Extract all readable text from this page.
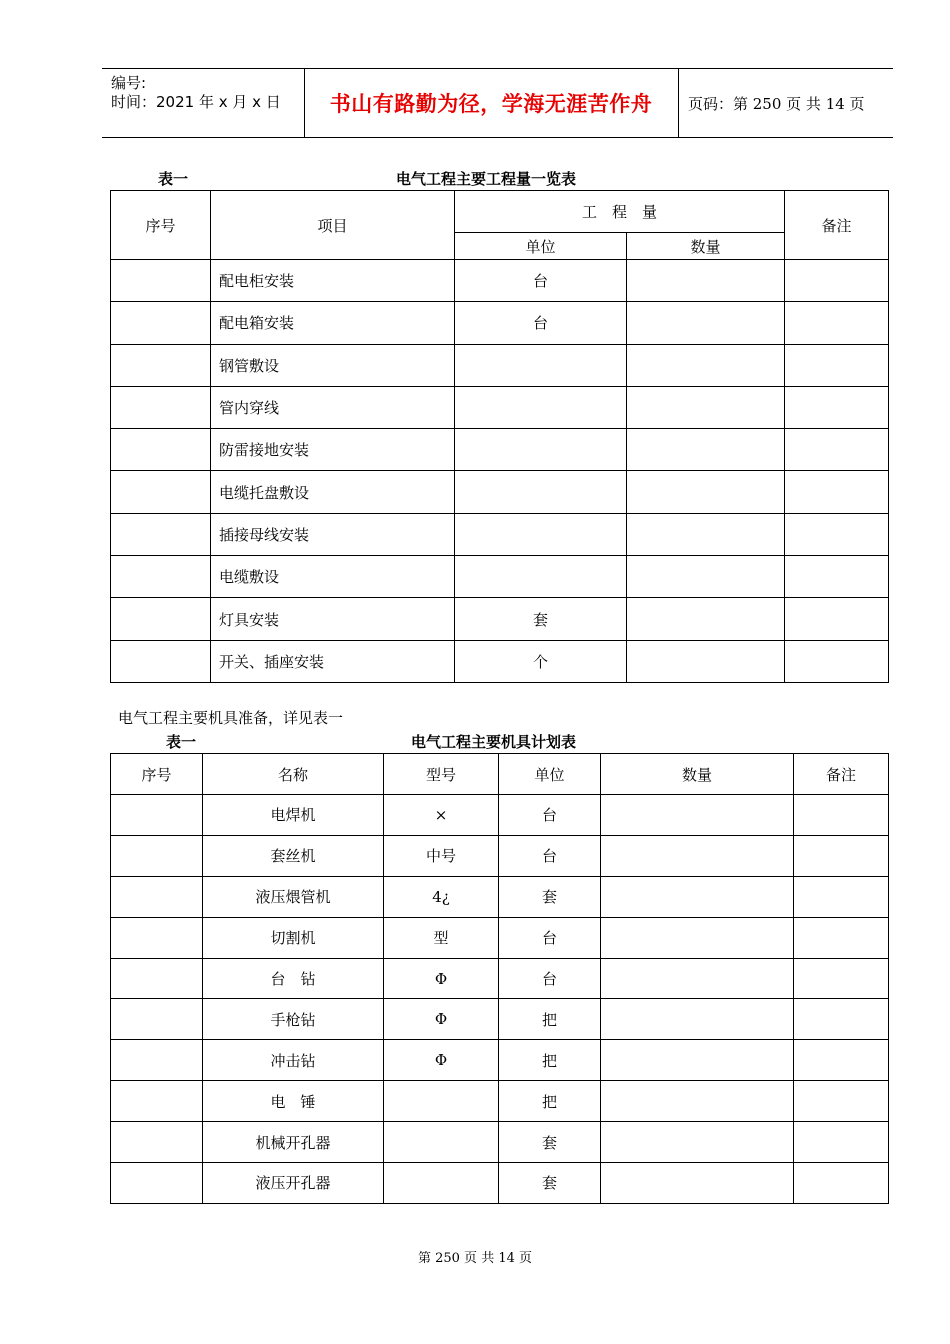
编号:
时间：2021 年 x 月 x 日 书山有路勤为径，学海无涯苦作舟 页码：第 250 页 共 14 页
表一	电气工程主要工程量一览表
序号	项目	工　程　量		备注
		单位	数量	
	配电柜安装	台		
	配电箱安装	台		
	钢管敷设			
	管内穿线			
	防雷接地安装			
	电缆托盘敷设			
	插接母线安装			
	电缆敷设			
	灯具安装	套		
	开关、插座安装	个		
电气工程主要机具准备，详见表一
表一	电气工程主要机具计划表
序号	名称	型号	单位	数量	备注
	电焊机	×	台		
	套丝机	中号	台		
	液压煨管机	4¿	套		
	切割机	型	台		
	台　钻	Φ	台		
	手枪钻	Φ	把		
	冲击钻	Φ	把		
	电　锤		把		
	机械开孔器		套		
	液压开孔器		套		
第 250 页 共 14 页
